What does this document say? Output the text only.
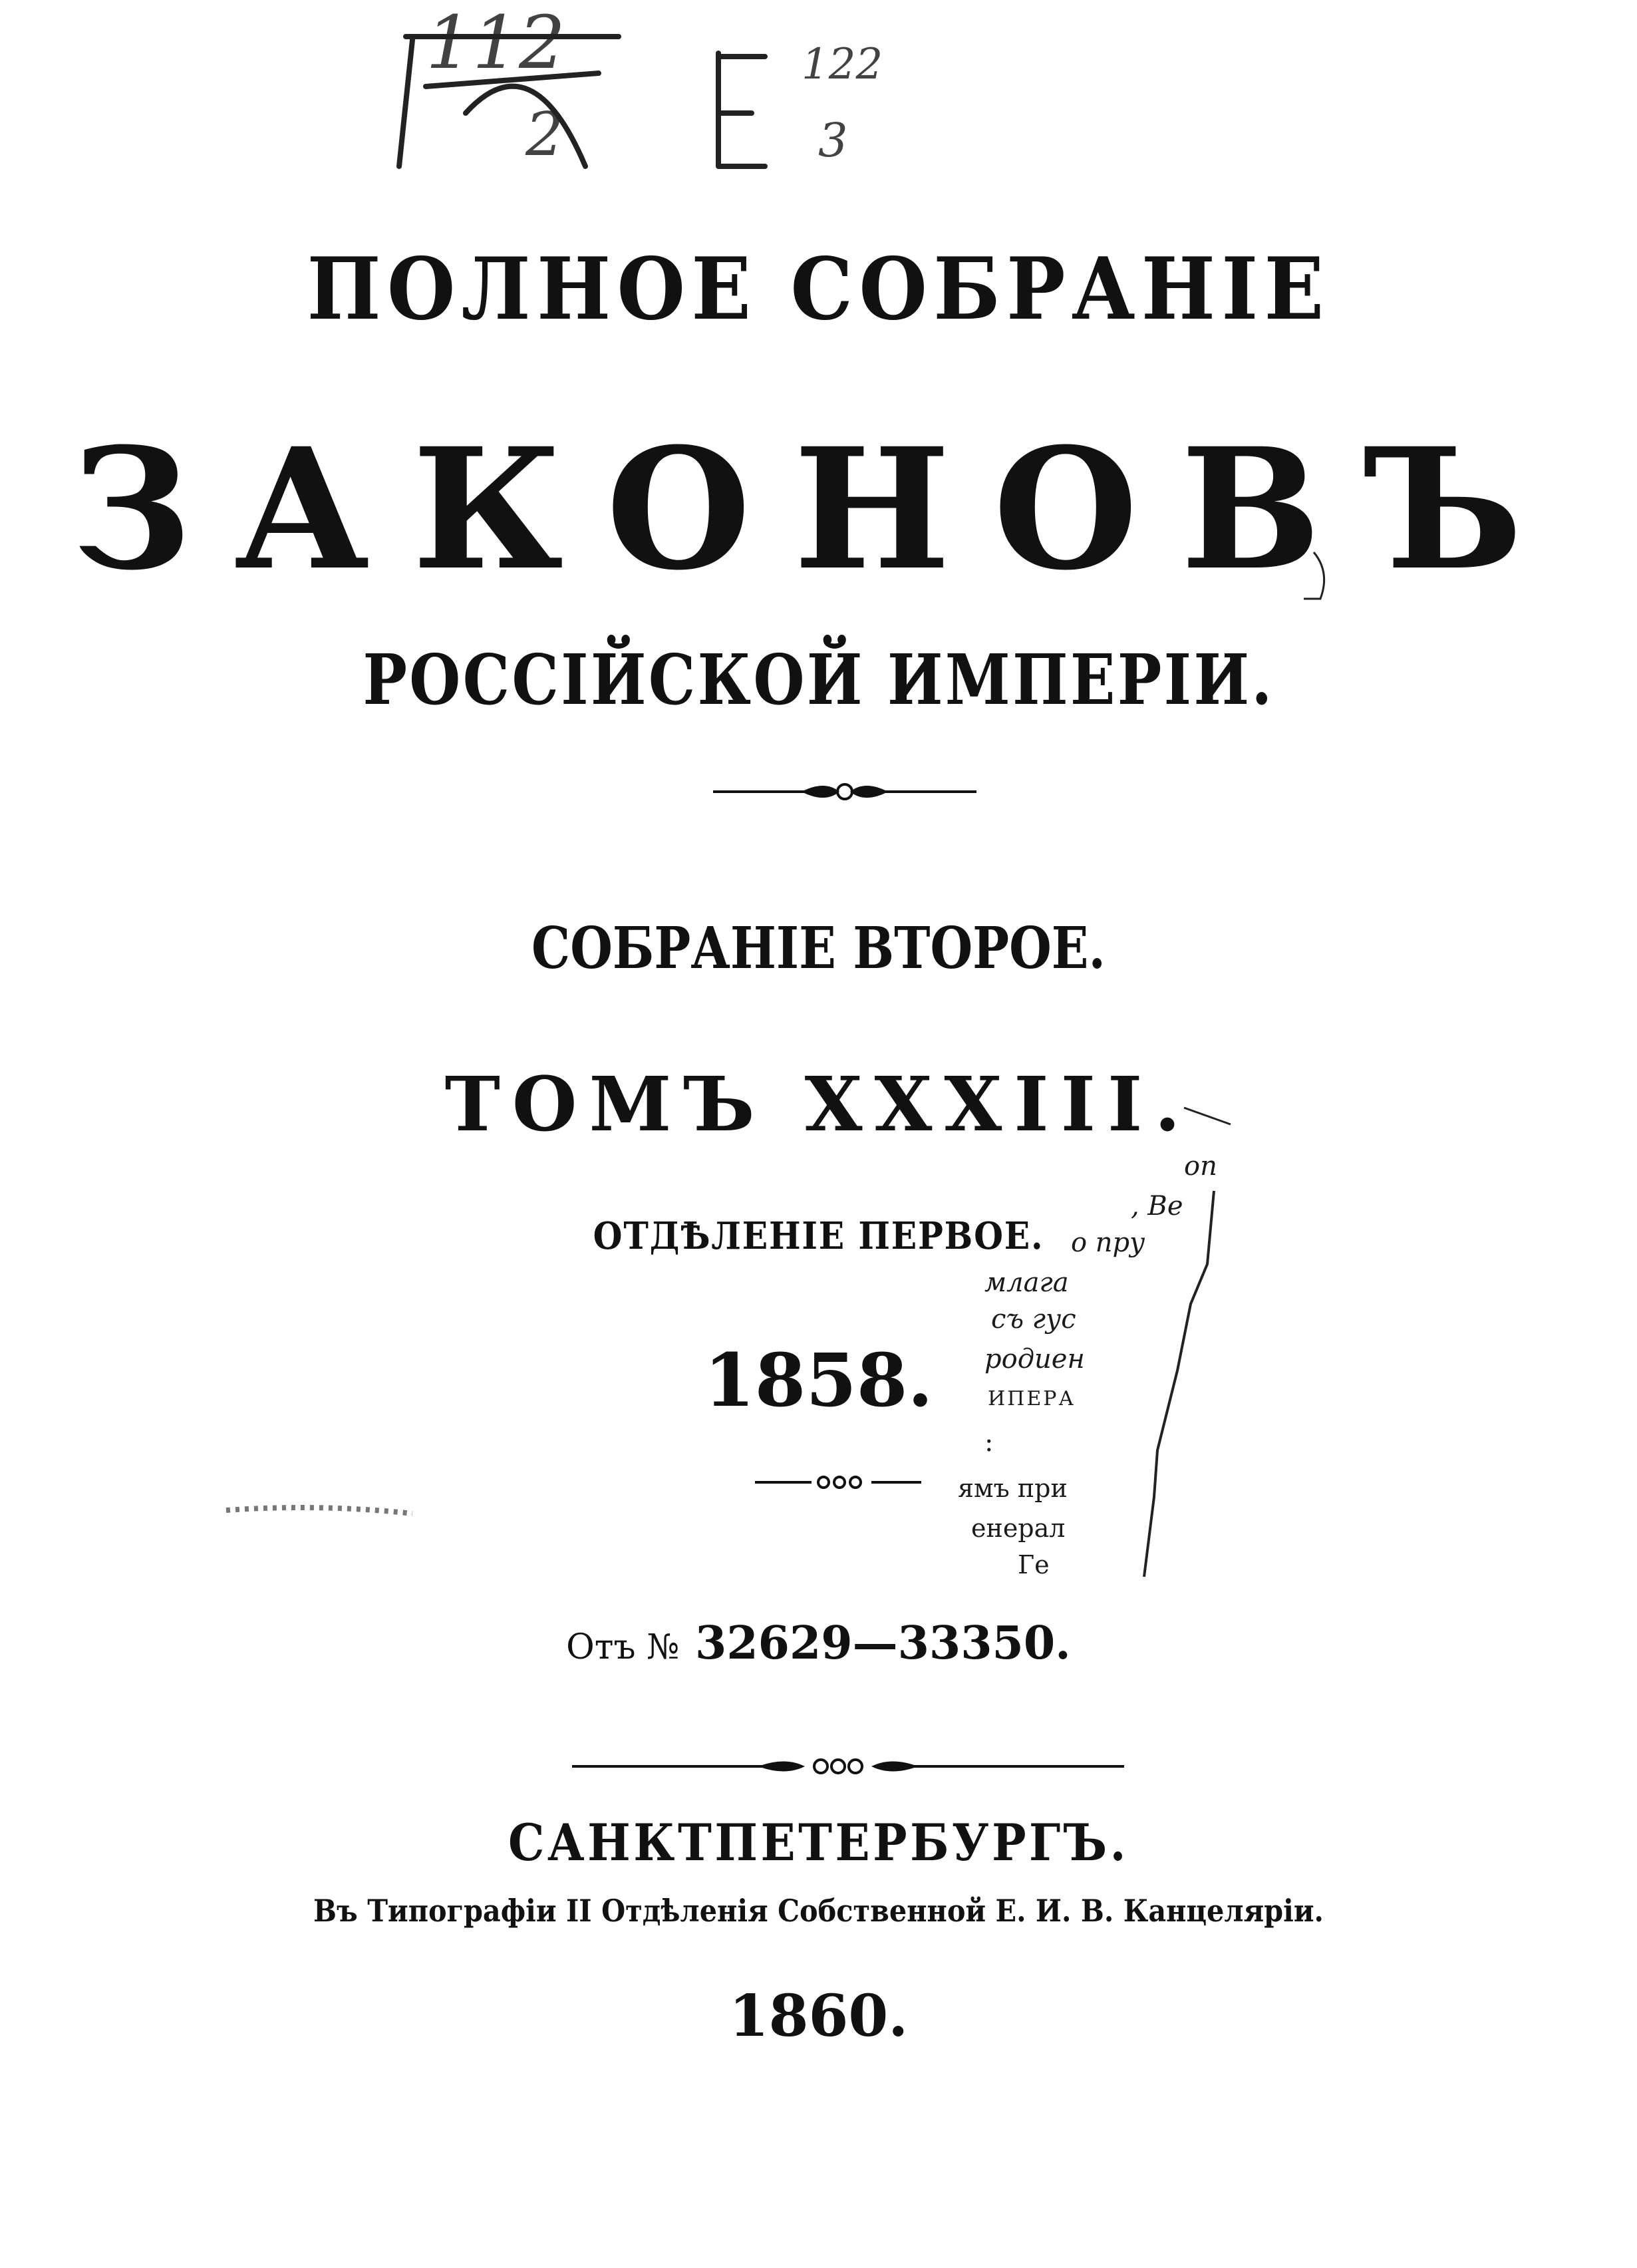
112
2
122
3
ПОЛНОЕ СОБРАНІЕ
ЗАКОНОВЪ
РОССІЙСКОЙ ИМПЕРІИ.
СОБРАНІЕ ВТОРОЕ.
ТОМЪ XXXIII.
ОТДѢЛЕНІЕ ПЕРВОЕ.
1858.
Отъ № 32629—33350.
САНКТПЕТЕРБУРГЪ.
Въ Типографіи II Отдѣленія Собственной Е. И. В. Канцеляріи.
1860.
оп
, Ве
о пру
млага
съ гус
родиен
ИПЕРА
:
ямъ при
енерал
Ге
